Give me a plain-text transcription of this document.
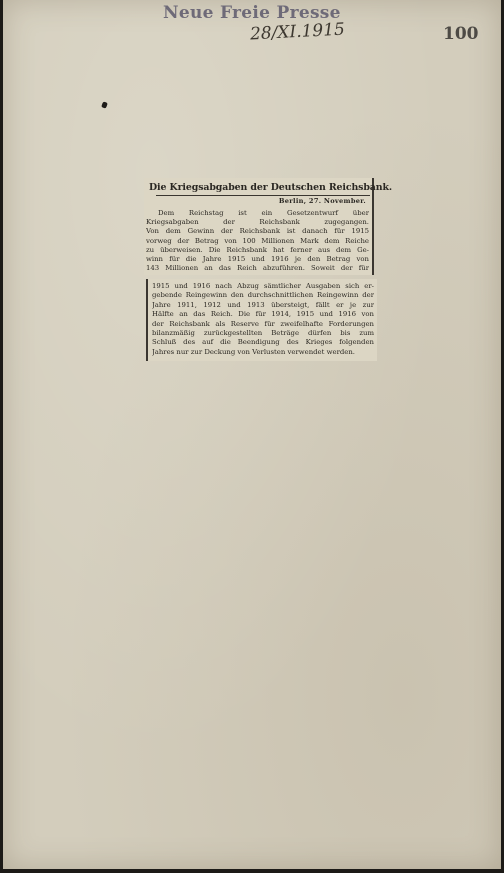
Neue Freie Presse
28/XI.1915	100
Die Kriegsabgaben der Deutschen Reichsbank.
Berlin, 27. November.
Dem Reichstag ist ein Gesetzentwurf über
Kriegsabgaben der Reichsbank zugegangen.
Von dem Gewinn der Reichsbank ist danach für 1915
vorweg der Betrag von 100 Millionen Mark dem Reiche
zu überweisen. Die Reichsbank hat ferner aus dem Ge-
winn für die Jahre 1915 und 1916 je den Betrag von
143 Millionen an das Reich abzuführen. Soweit der für
1915 und 1916 nach Abzug sämtlicher Ausgaben sich er-
gebende Reingewinn den durchschnittlichen Reingewinn der
Jahre 1911, 1912 und 1913 übersteigt, fällt er je zur
Hälfte an das Reich. Die für 1914, 1915 und 1916 von
der Reichsbank als Reserve für zweifelhafte Forderungen
bilanzmäßig zurückgestellten Beträge dürfen bis zum
Schluß des auf die Beendigung des Krieges folgenden
Jahres nur zur Deckung von Verlusten verwendet werden.
